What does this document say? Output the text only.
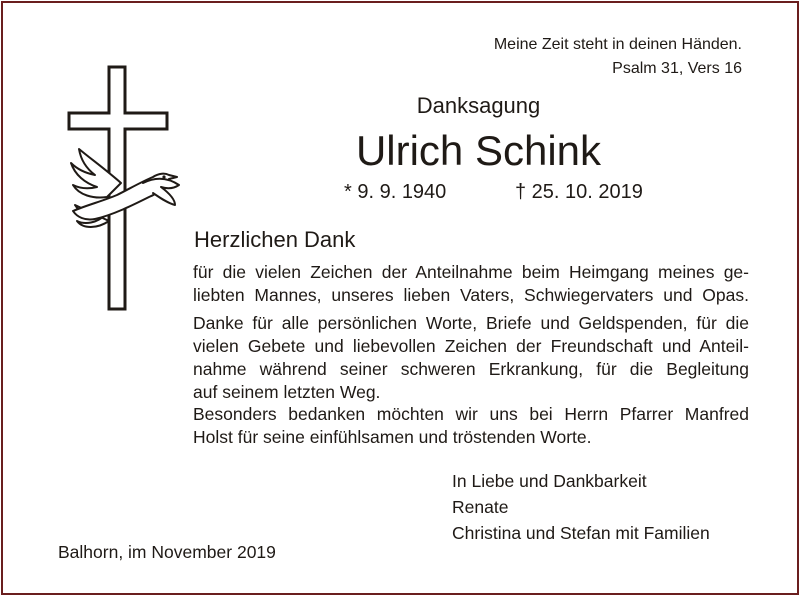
Meine Zeit steht in deinen Händen.
Psalm 31, Vers 16
Danksagung
Ulrich Schink
* 9. 9. 1940	† 25. 10. 2019
Herzlichen Dank
für die vielen Zeichen der Anteilnahme beim Heimgang meines ge-
liebten Mannes, unseres lieben Vaters, Schwiegervaters und Opas.
Danke für alle persönlichen Worte, Briefe und Geldspenden, für die
vielen Gebete und liebevollen Zeichen der Freundschaft und Anteil-
nahme während seiner schweren Erkrankung, für die Begleitung
auf seinem letzten Weg.
Besonders bedanken möchten wir uns bei Herrn Pfarrer Manfred
Holst für seine einfühlsamen und tröstenden Worte.
In Liebe und Dankbarkeit
Renate
Christina und Stefan mit Familien
Balhorn, im November 2019
